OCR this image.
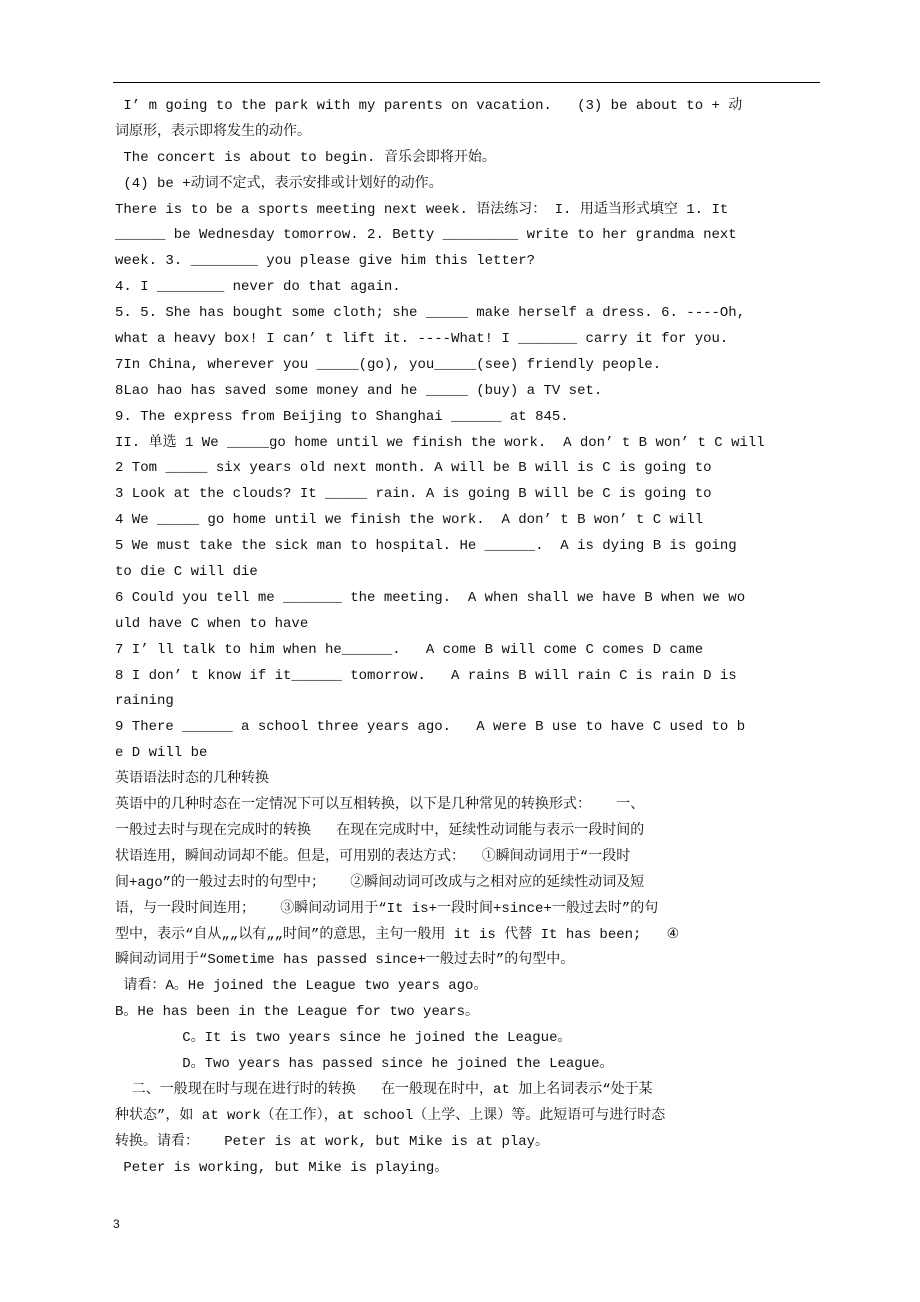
I’ m going to the park with my parents on vacation.   (3) be about to + 动
词原形，表示即将发生的动作。
The concert is about to begin. 音乐会即将开始。
(4) be +动词不定式，表示安排或计划好的动作。
There is to be a sports meeting next week. 语法练习： I. 用适当形式填空 1. It
______ be Wednesday tomorrow. 2. Betty _________ write to her grandma next
week. 3. ________ you please give him this letter?
4. I ________ never do that again.
5. 5. She has bought some cloth; she _____ make herself a dress. 6. ----Oh,
what a heavy box! I can’ t lift it. ----What! I _______ carry it for you.
7In China, wherever you _____(go), you_____(see) friendly people.
8Lao hao has saved some money and he _____ (buy) a TV set.
9. The express from Beijing to Shanghai ______ at 845.
II. 单选 1 We _____go home until we finish the work.  A don’ t B won’ t C will
2 Tom _____ six years old next month. A will be B will is C is going to
3 Look at the clouds? It _____ rain. A is going B will be C is going to
4 We _____ go home until we finish the work.  A don’ t B won’ t C will
5 We must take the sick man to hospital. He ______.  A is dying B is going
to die C will die
6 Could you tell me _______ the meeting.  A when shall we have B when we wo
uld have C when to have
7 I’ ll talk to him when he______.   A come B will come C comes D came
8 I don’ t know if it______ tomorrow.   A rains B will rain C is rain D is
raining
9 There ______ a school three years ago.   A were B use to have C used to b
e D will be
英语语法时态的几种转换
英语中的几种时态在一定情况下可以互相转换，以下是几种常见的转换形式：   一、
一般过去时与现在完成时的转换   在现在完成时中，延续性动词能与表示一段时间的
状语连用，瞬间动词却不能。但是，可用别的表达方式：  ①瞬间动词用于“一段时
间+ago”的一般过去时的句型中；   ②瞬间动词可改成与之相对应的延续性动词及短
语，与一段时间连用；   ③瞬间动词用于“It is+一段时间+since+一般过去时”的句
型中，表示“自从„„以有„„时间”的意思，主句一般用 it is 代替 It has been;   ④
瞬间动词用于“Sometime has passed since+一般过去时”的句型中。
请看：A。He joined the League two years ago。
B。He has been in the League for two years。
C。It is two years since he joined the League。
D。Two years has passed since he joined the League。
二、一般现在时与现在进行时的转换   在一般现在时中，at 加上名词表示“处于某
种状态”，如 at work（在工作），at school（上学、上课）等。此短语可与进行时态
转换。请看：   Peter is at work, but Mike is at play。
Peter is working, but Mike is playing。
3
